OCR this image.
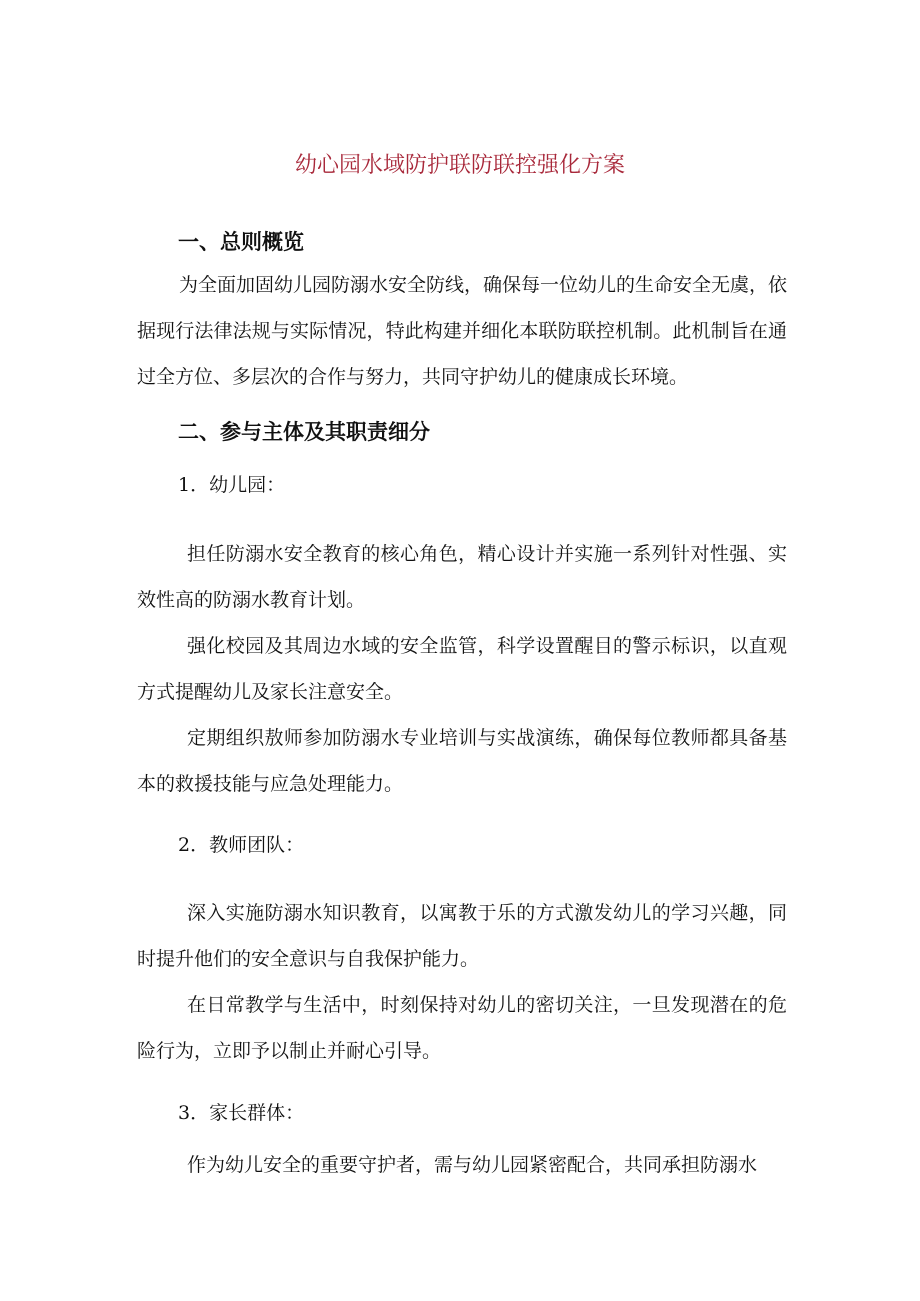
幼心园水域防护联防联控强化方案
一、总则概览
为全面加固幼儿园防溺水安全防线，确保每一位幼儿的生命安全无虞，依据现行法律法规与实际情况，特此构建并细化本联防联控机制。此机制旨在通过全方位、多层次的合作与努力，共同守护幼儿的健康成长环境。
二、参与主体及其职责细分
1．幼儿园：
担任防溺水安全教育的核心角色，精心设计并实施一系列针对性强、实效性高的防溺水教育计划。
强化校园及其周边水域的安全监管，科学设置醒目的警示标识，以直观方式提醒幼儿及家长注意安全。
定期组织敖师参加防溺水专业培训与实战演练，确保每位教师都具备基本的救援技能与应急处理能力。
2．教师团队：
深入实施防溺水知识教育，以寓教于乐的方式激发幼儿的学习兴趣，同时提升他们的安全意识与自我保护能力。
在日常教学与生活中，时刻保持对幼儿的密切关注，一旦发现潜在的危险行为，立即予以制止并耐心引导。
3．家长群体：
作为幼儿安全的重要守护者，需与幼儿园紧密配合，共同承担防溺水
